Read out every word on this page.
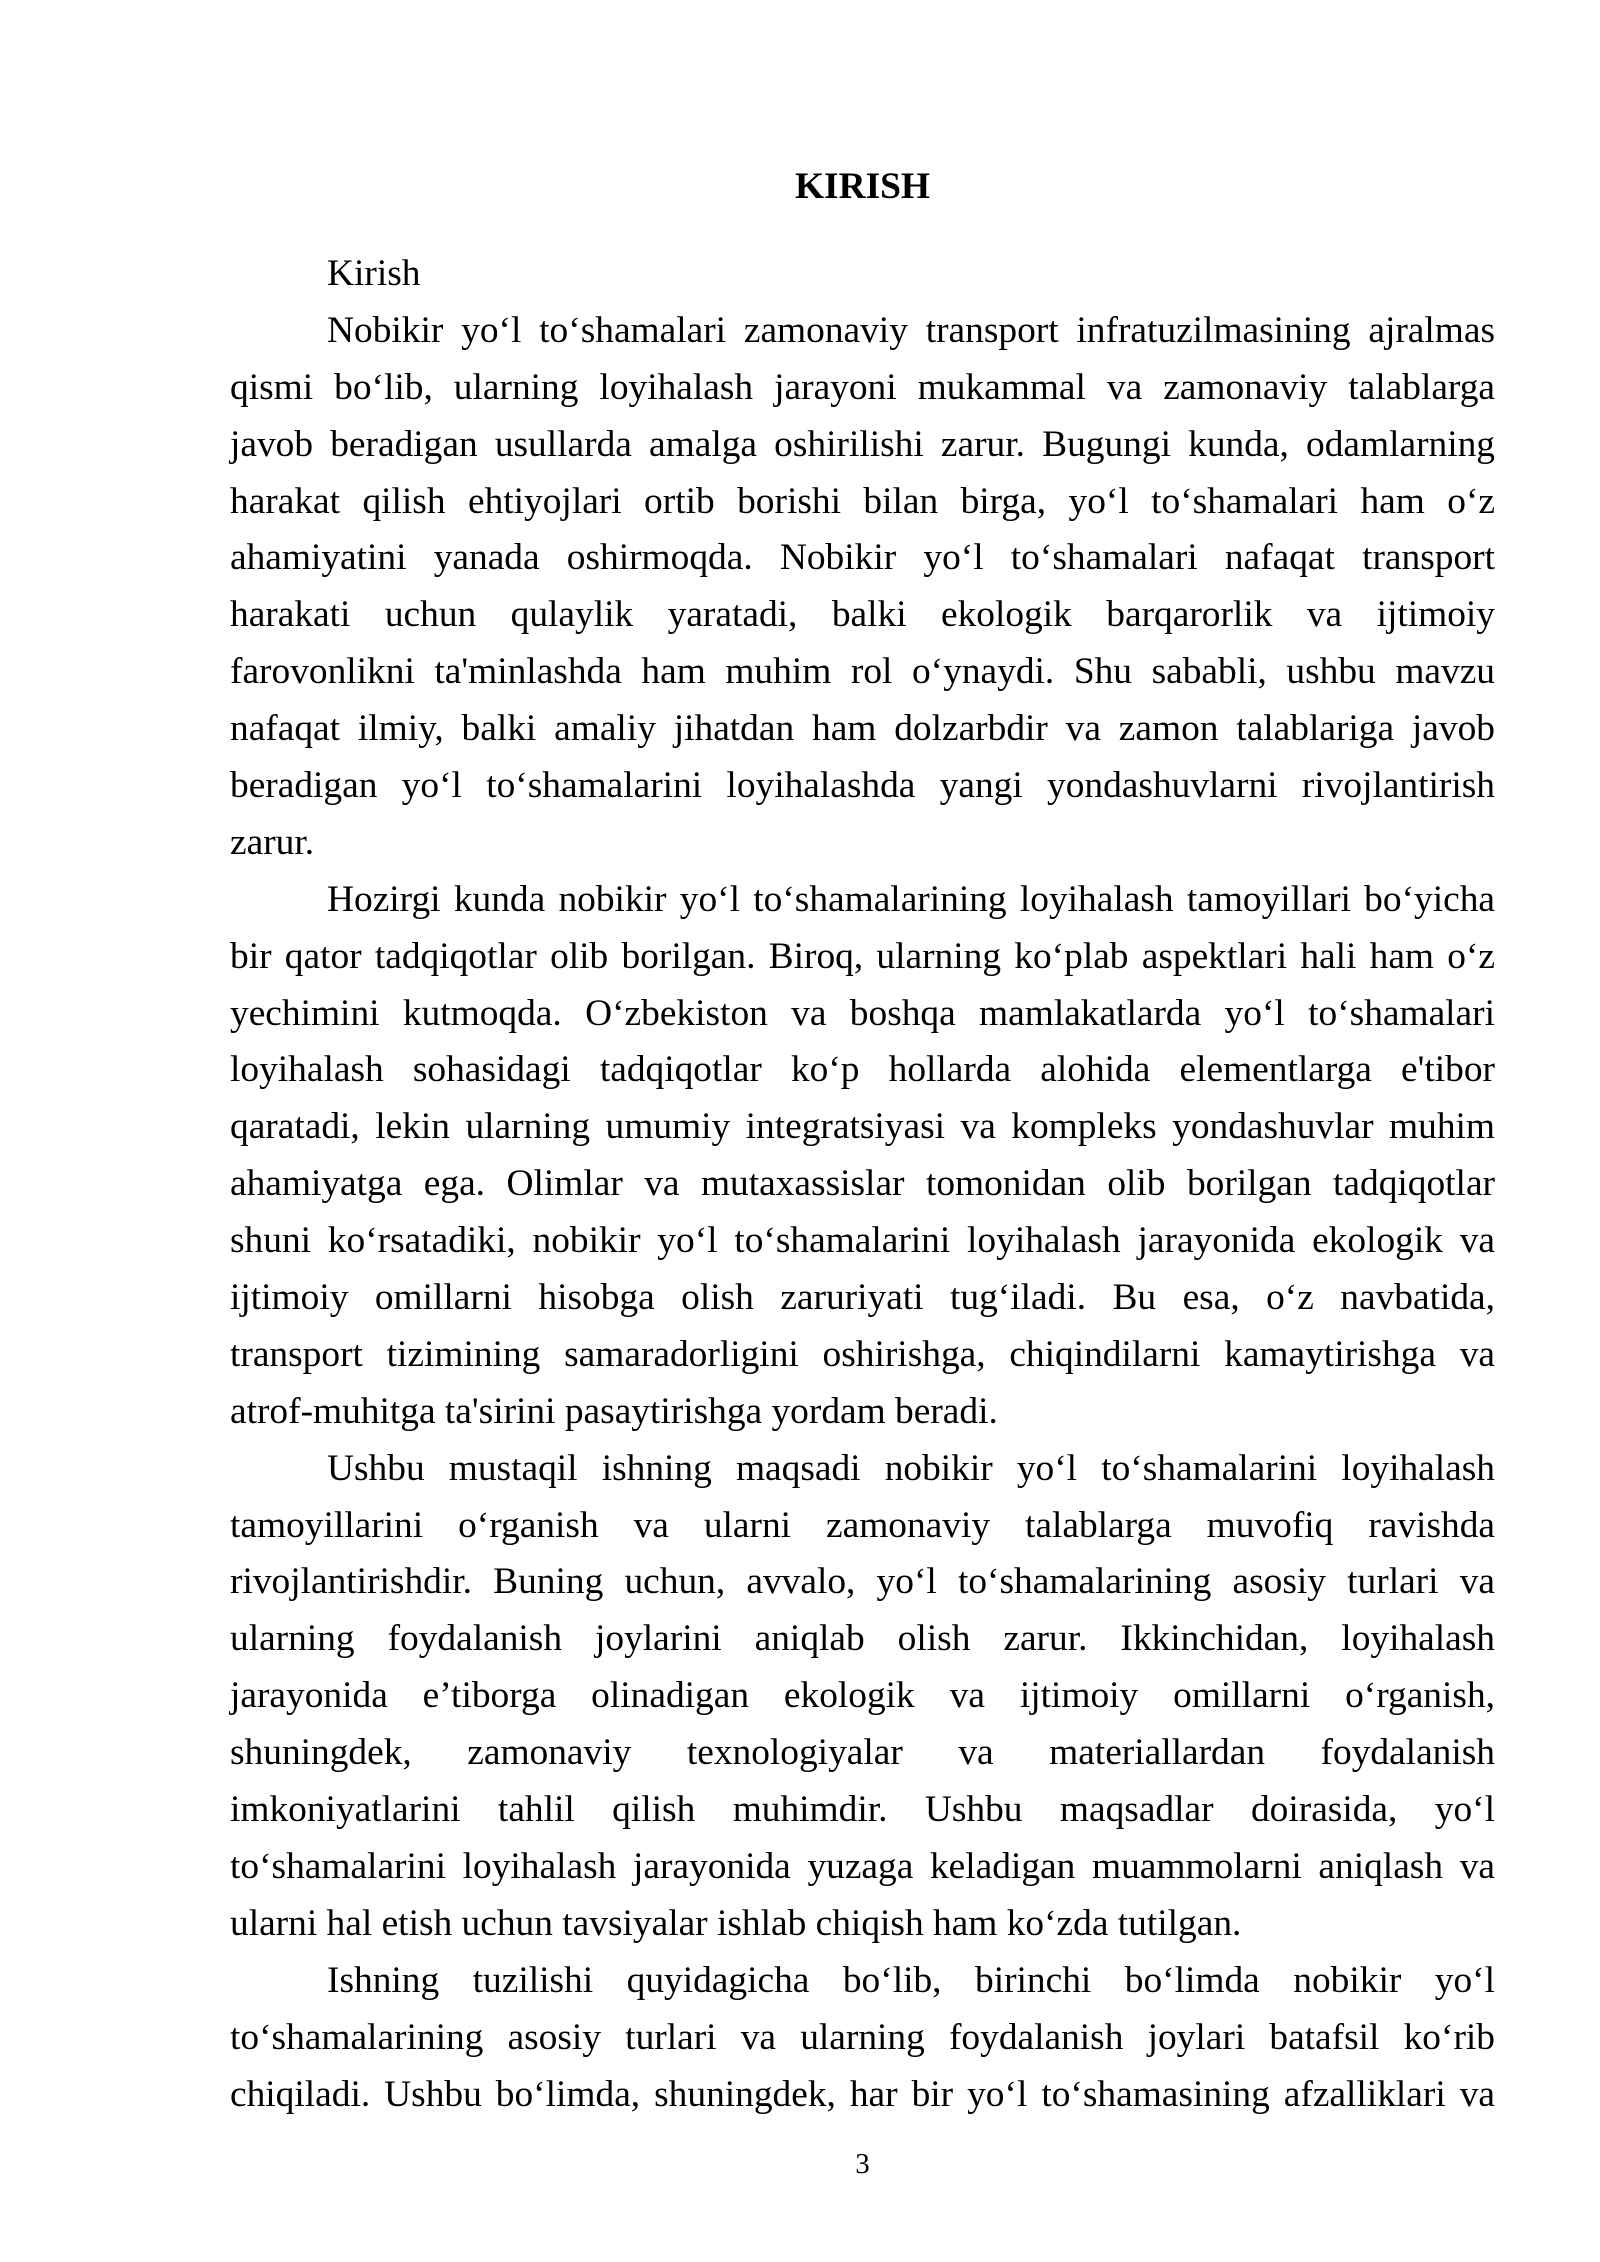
KIRISH
Kirish
Nobikir yo‘l to‘shamalari zamonaviy transport infratuzilmasining ajralmas
qismi bo‘lib, ularning loyihalash jarayoni mukammal va zamonaviy talablarga
javob beradigan usullarda amalga oshirilishi zarur. Bugungi kunda, odamlarning
harakat qilish ehtiyojlari ortib borishi bilan birga, yo‘l to‘shamalari ham o‘z
ahamiyatini yanada oshirmoqda. Nobikir yo‘l to‘shamalari nafaqat transport
harakati uchun qulaylik yaratadi, balki ekologik barqarorlik va ijtimoiy
farovonlikni ta'minlashda ham muhim rol o‘ynaydi. Shu sababli, ushbu mavzu
nafaqat ilmiy, balki amaliy jihatdan ham dolzarbdir va zamon talablariga javob
beradigan yo‘l to‘shamalarini loyihalashda yangi yondashuvlarni rivojlantirish
zarur.
Hozirgi kunda nobikir yo‘l to‘shamalarining loyihalash tamoyillari bo‘yicha
bir qator tadqiqotlar olib borilgan. Biroq, ularning ko‘plab aspektlari hali ham o‘z
yechimini kutmoqda. O‘zbekiston va boshqa mamlakatlarda yo‘l to‘shamalari
loyihalash sohasidagi tadqiqotlar ko‘p hollarda alohida elementlarga e'tibor
qaratadi, lekin ularning umumiy integratsiyasi va kompleks yondashuvlar muhim
ahamiyatga ega. Olimlar va mutaxassislar tomonidan olib borilgan tadqiqotlar
shuni ko‘rsatadiki, nobikir yo‘l to‘shamalarini loyihalash jarayonida ekologik va
ijtimoiy omillarni hisobga olish zaruriyati tug‘iladi. Bu esa, o‘z navbatida,
transport tizimining samaradorligini oshirishga, chiqindilarni kamaytirishga va
atrof-muhitga ta'sirini pasaytirishga yordam beradi.
Ushbu mustaqil ishning maqsadi nobikir yo‘l to‘shamalarini loyihalash
tamoyillarini o‘rganish va ularni zamonaviy talablarga muvofiq ravishda
rivojlantirishdir. Buning uchun, avvalo, yo‘l to‘shamalarining asosiy turlari va
ularning foydalanish joylarini aniqlab olish zarur. Ikkinchidan, loyihalash
jarayonida e’tiborga olinadigan ekologik va ijtimoiy omillarni o‘rganish,
shuningdek, zamonaviy texnologiyalar va materiallardan foydalanish
imkoniyatlarini tahlil qilish muhimdir. Ushbu maqsadlar doirasida, yo‘l
to‘shamalarini loyihalash jarayonida yuzaga keladigan muammolarni aniqlash va
ularni hal etish uchun tavsiyalar ishlab chiqish ham ko‘zda tutilgan.
Ishning tuzilishi quyidagicha bo‘lib, birinchi bo‘limda nobikir yo‘l
to‘shamalarining asosiy turlari va ularning foydalanish joylari batafsil ko‘rib
chiqiladi. Ushbu bo‘limda, shuningdek, har bir yo‘l to‘shamasining afzalliklari va
3
